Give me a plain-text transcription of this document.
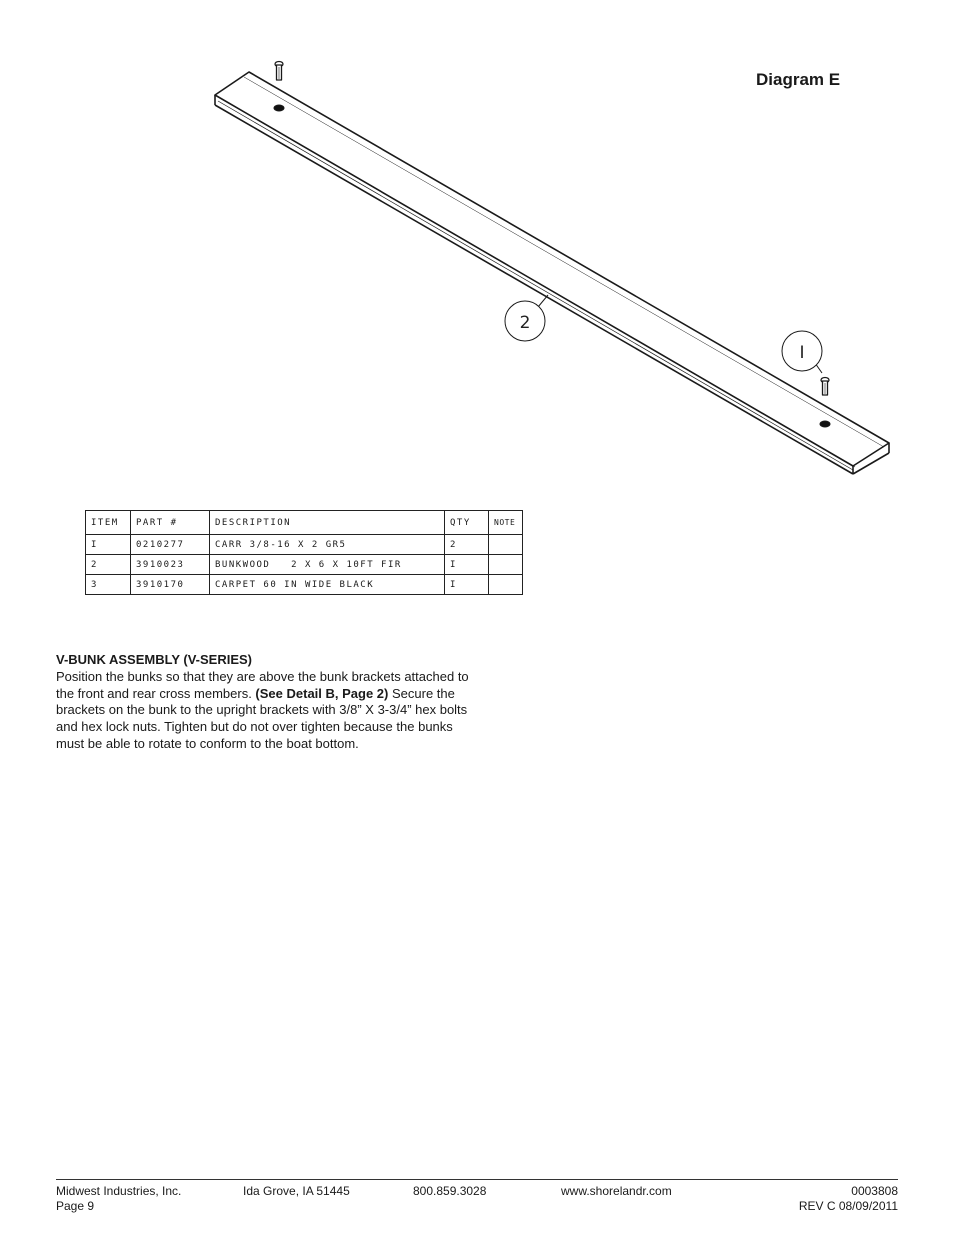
2
I
Diagram E
ITEM	PART #	DESCRIPTION	QTY	NOTE
I	0210277	CARR 3/8-16 X 2 GR5	2	
2	3910023	BUNKWOOD   2 X 6 X 10FT FIR	I	
3	3910170	CARPET 60 IN WIDE BLACK	I	
V-BUNK ASSEMBLY (V-SERIES)

Position the bunks so that they are above the bunk brackets attached to the front and rear cross members. (See Detail B, Page 2) Secure the brackets on the bunk to the upright brackets with 3/8” X 3-3/4” hex bolts and hex lock nuts. Tighten but do not over tighten because the bunks must be able to rotate to conform to the boat bottom.

Midwest Industries, Inc.
Page 9
Ida Grove, IA 51445	800.859.3028	www.shorelandr.com	0003808
REV C 08/09/2011
